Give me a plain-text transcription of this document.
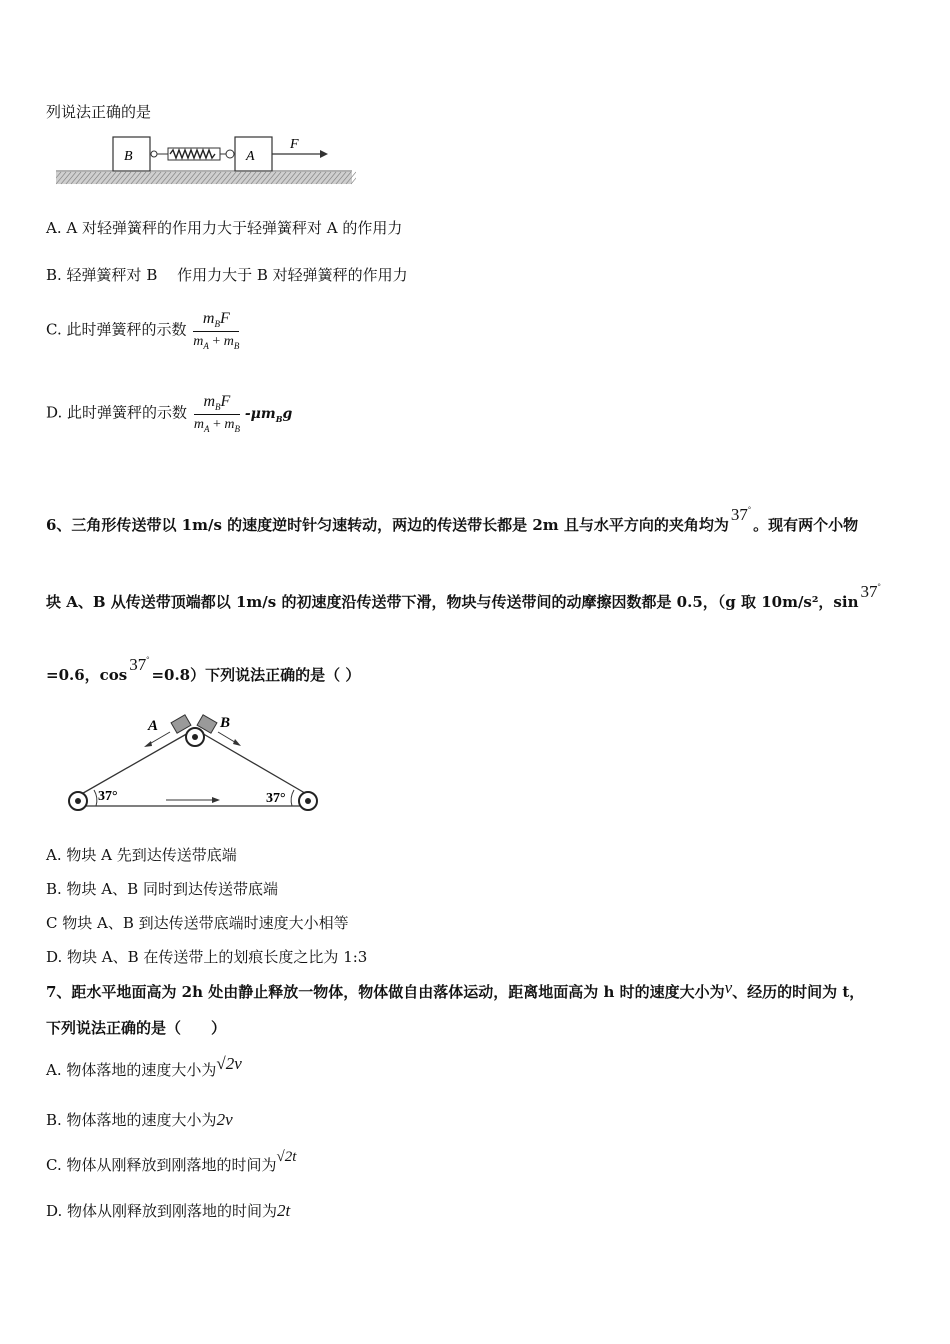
列说法正确的是
B	A
F
A. A 对轻弹簧秤的作用力大于轻弹簧秤对 A 的作用力
B. 轻弹簧秤对 B　 作用力大于 B 对轻弹簧秤的作用力
C. 此时弹簧秤的示数 $\frac{m_BF}{m_A + m_B}$
D. 此时弹簧秤的示数 $\frac{m_BF}{m_A + m_B} -\mu m_Bg$
6、三角形传送带以 1m/s 的速度逆时针匀速转动，两边的传送带长都是 2m 且与水平方向的夹角均为37°。现有两个小物
块 A、B 从传送带顶端都以 1m/s 的初速度沿传送带下滑，物块与传送带间的动摩擦因数都是 0.5，（g 取 10m/s²，sin37°
=0.6，cos37°=0.8）下列说法正确的是（ ）
A	B
37°	37°
A. 物块 A 先到达传送带底端
B. 物块 A、B 同时到达传送带底端
C 物块 A、B 到达传送带底端时速度大小相等
D. 物块 A、B 在传送带上的划痕长度之比为 1:3
7、距水平地面高为 2h 处由静止释放一物体，物体做自由落体运动，距离地面高为 h 时的速度大小为v、经历的时间为 t，
下列说法正确的是（　　）
A. 物体落地的速度大小为√2v
B. 物体落地的速度大小为2v
C. 物体从刚释放到刚落地的时间为√2t
D. 物体从刚释放到刚落地的时间为2t
